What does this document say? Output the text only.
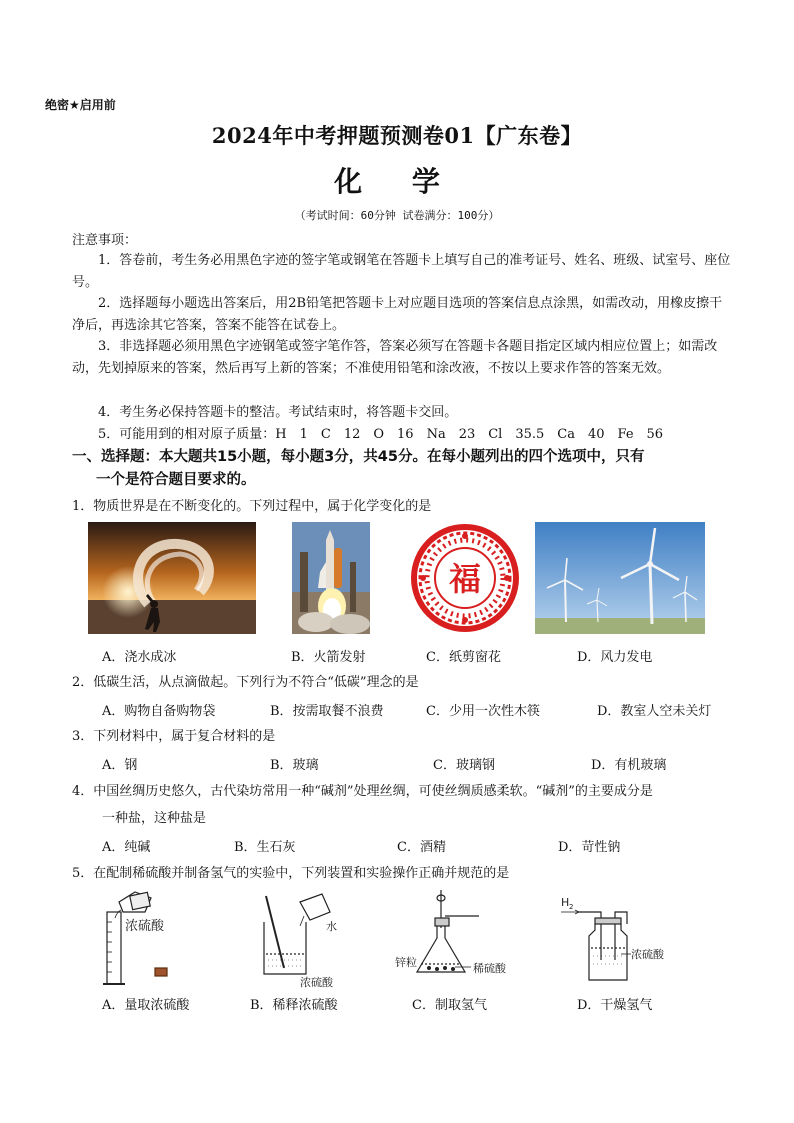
绝密★启用前
2024年中考押题预测卷01【广东卷】
化 学
（考试时间：60分钟 试卷满分：100分）
注意事项：
1．答卷前，考生务必用黑色字迹的签字笔或钢笔在答题卡上填写自己的准考证号、姓名、班级、试室号、座位号。
2．选择题每小题选出答案后，用2B铅笔把答题卡上对应题目选项的答案信息点涂黑，如需改动，用橡皮擦干净后，再选涂其它答案，答案不能答在试卷上。
3．非选择题必须用黑色字迹钢笔或签字笔作答，答案必须写在答题卡各题目指定区域内相应位置上；如需改动，先划掉原来的答案，然后再写上新的答案；不准使用铅笔和涂改液，不按以上要求作答的答案无效。
4．考生务必保持答题卡的整洁。考试结束时，将答题卡交回。
5．可能用到的相对原子质量：H　1　C　12　O　16　Na　23　Cl　35.5　Ca　40　Fe　56
一、选择题：本大题共15小题，每小题3分，共45分。在每小题列出的四个选项中，只有
一个是符合题目要求的。
1．物质世界是在不断变化的。下列过程中，属于化学变化的是
福
A．浇水成冰	B．火箭发射	C．纸剪窗花	D．风力发电
2．低碳生活，从点滴做起。下列行为不符合“低碳”理念的是
A．购物自备购物袋	B．按需取餐不浪费	C．少用一次性木筷	D．教室人空未关灯
3．下列材料中，属于复合材料的是
A．钢	B．玻璃	C．玻璃钢	D．有机玻璃
4．中国丝绸历史悠久，古代染坊常用一种“碱剂”处理丝绸，可使丝绸质感柔软。“碱剂”的主要成分是
一种盐，这种盐是
A．纯碱	B．生石灰	C．酒精	D．苛性钠
5．在配制稀硫酸并制备氢气的实验中，下列装置和实验操作正确并规范的是
浓硫酸	水
浓硫酸
锌粒	稀硫酸
H 2
浓硫酸
A．量取浓硫酸	B．稀释浓硫酸	C．制取氢气	D．干燥氢气
